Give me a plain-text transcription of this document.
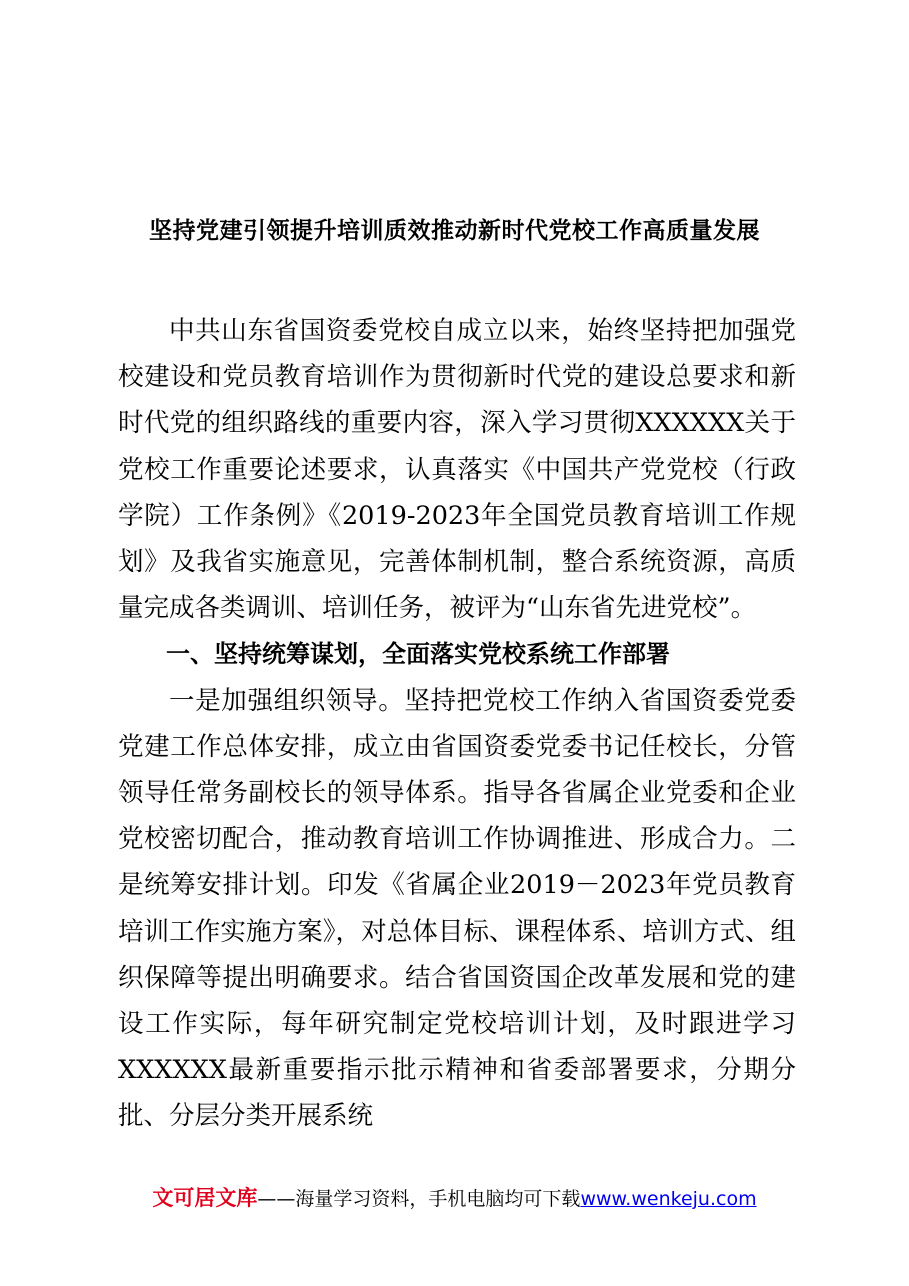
坚持党建引领提升培训质效推动新时代党校工作高质量发展

中共山东省国资委党校自成立以来，始终坚持把加强党校建设和党员教育培训作为贯彻新时代党的建设总要求和新时代党的组织路线的重要内容，深入学习贯彻XXXXXX关于党校工作重要论述要求，认真落实《中国共产党党校（行政学院）工作条例》《2019-2023年全国党员教育培训工作规划》及我省实施意见，完善体制机制，整合系统资源，高质量完成各类调训、培训任务，被评为“山东省先进党校”。

一、坚持统筹谋划，全面落实党校系统工作部署

一是加强组织领导。坚持把党校工作纳入省国资委党委党建工作总体安排，成立由省国资委党委书记任校长，分管领导任常务副校长的领导体系。指导各省属企业党委和企业党校密切配合，推动教育培训工作协调推进、形成合力。二是统筹安排计划。印发《省属企业2019－2023年党员教育培训工作实施方案》，对总体目标、课程体系、培训方式、组织保障等提出明确要求。结合省国资国企改革发展和党的建设工作实际，每年研究制定党校培训计划，及时跟进学习XXXXXX最新重要指示批示精神和省委部署要求，分期分批、分层分类开展系统

文可居文库——海量学习资料，手机电脑均可下载www.wenkeju.com
